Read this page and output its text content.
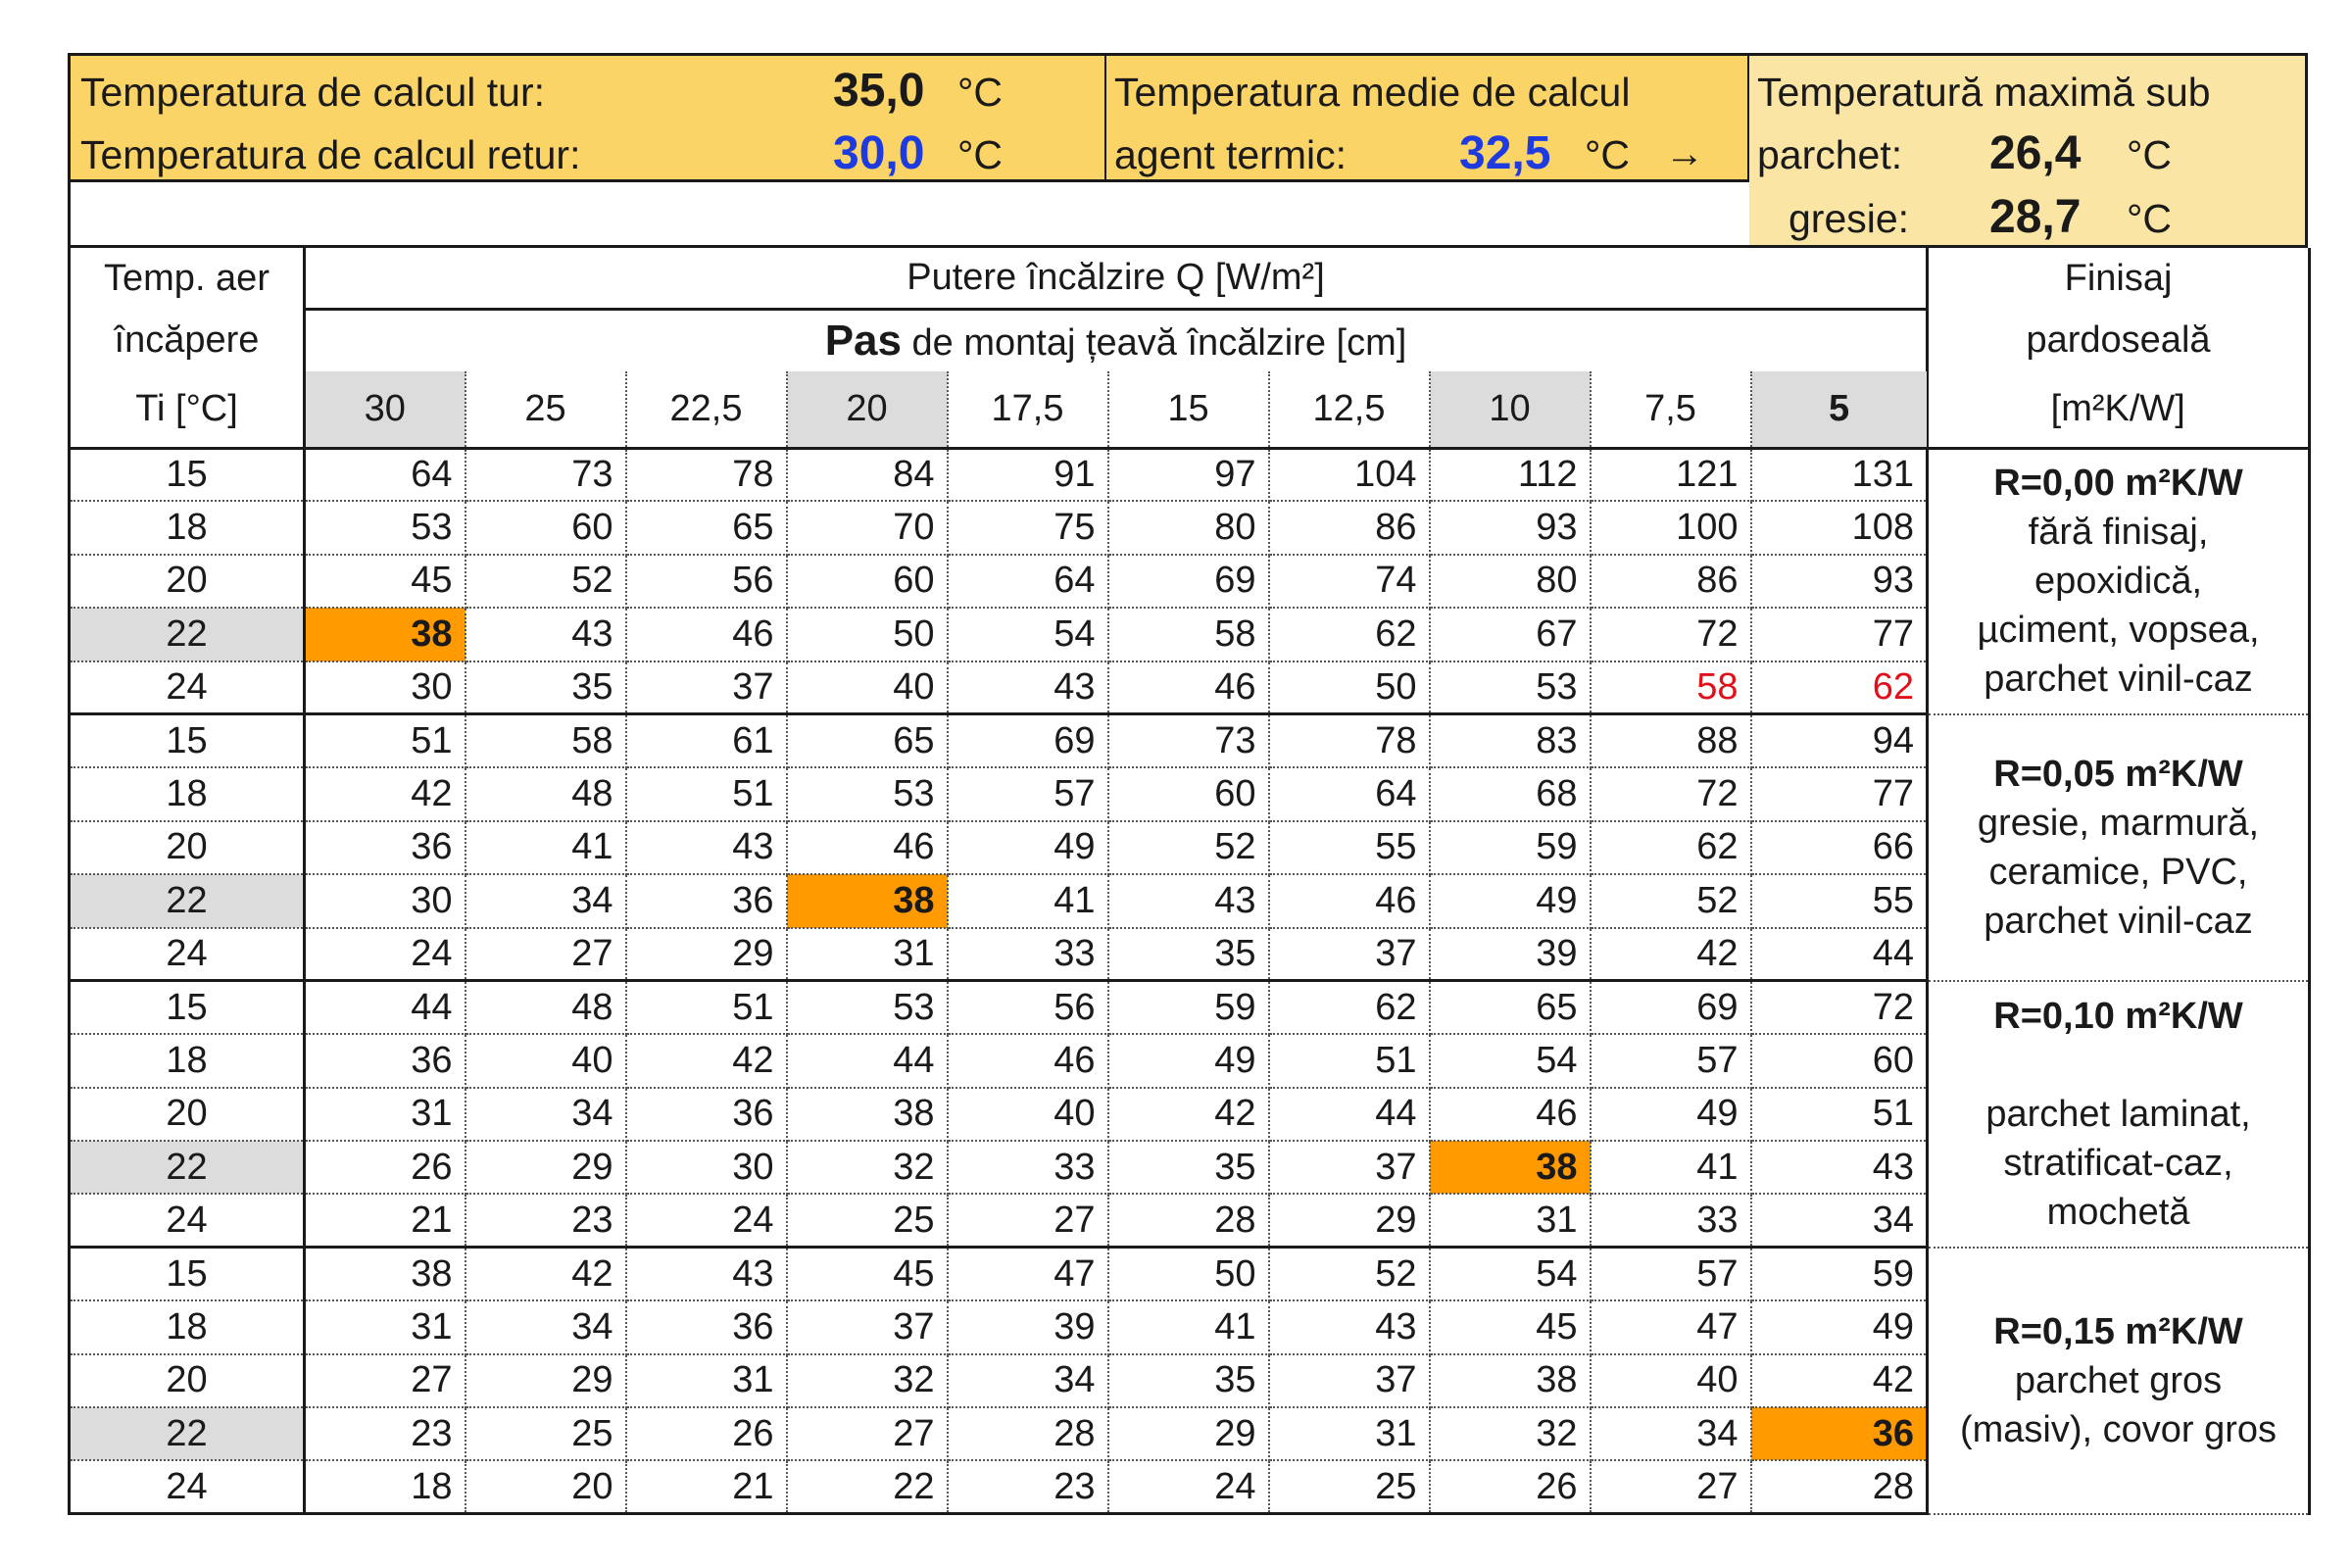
Temperatura de calcul tur:	35,0 °C
Temperatura de calcul retur:	30,0 °C
Temperatura medie de calcul
agent termic: 32,5 °C →
Temperatură maximă sub
parchet: 26,4 °C
gresie: 28,7 °C
Temp. aer	Putere încălzire Q [W/m²]										Finisaj
încăpere	Pas de montaj țeavă încălzire [cm]										pardoseală
Ti [°C]	30	25	22,5	20	17,5	15	12,5	10	7,5	5	[m²K/W]
15	64	73	78	84	91	97	104	112	121	131	R=0,00 m²K/W
fără finisaj,
epoxidică,
µciment, vopsea,
parchet vinil-caz

18	53	60	65	70	75	80	86	93	100	108	
20	45	52	56	60	64	69	74	80	86	93	
22	38	43	46	50	54	58	62	67	72	77	
24	30	35	37	40	43	46	50	53	58	62	
15	51	58	61	65	69	73	78	83	88	94	R=0,05 m²K/W
gresie, marmură,
ceramice, PVC,
parchet vinil-caz

18	42	48	51	53	57	60	64	68	72	77	
20	36	41	43	46	49	52	55	59	62	66	
22	30	34	36	38	41	43	46	49	52	55	
24	24	27	29	31	33	35	37	39	42	44	
15	44	48	51	53	56	59	62	65	69	72	R=0,10 m²K/W

parchet laminat,
stratificat-caz,
mochetă

18	36	40	42	44	46	49	51	54	57	60	
20	31	34	36	38	40	42	44	46	49	51	
22	26	29	30	32	33	35	37	38	41	43	
24	21	23	24	25	27	28	29	31	33	34	
15	38	42	43	45	47	50	52	54	57	59	R=0,15 m²K/W
parchet gros
(masiv), covor gros

18	31	34	36	37	39	41	43	45	47	49	
20	27	29	31	32	34	35	37	38	40	42	
22	23	25	26	27	28	29	31	32	34	36	
24	18	20	21	22	23	24	25	26	27	28	
